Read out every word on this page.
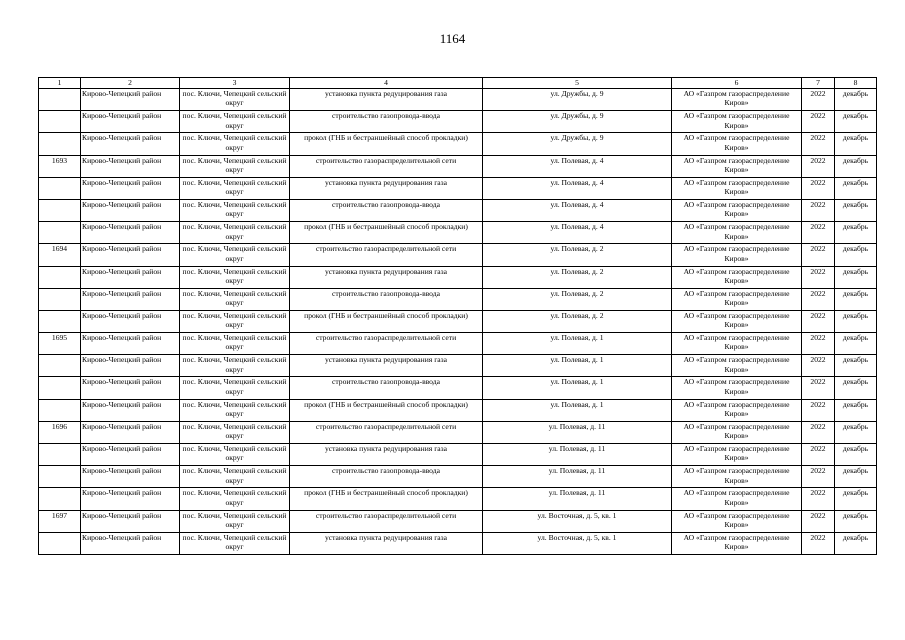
1164
1	2	3	4	5	6	7	8
	Кирово-Чепецкий район	пос. Ключи, Чепецкий сельский округ	установка пункта редуцирования газа	ул. Дружбы, д. 9	АО «Газпром газораспределение Киров»	2022	декабрь
	Кирово-Чепецкий район	пос. Ключи, Чепецкий сельский округ	строительство газопровода-ввода	ул. Дружбы, д. 9	АО «Газпром газораспределение Киров»	2022	декабрь
	Кирово-Чепецкий район	пос. Ключи, Чепецкий сельский округ	прокол (ГНБ и бестраншейный способ прокладки)	ул. Дружбы, д. 9	АО «Газпром газораспределение Киров»	2022	декабрь
1693	Кирово-Чепецкий район	пос. Ключи, Чепецкий сельский округ	строительство газораспределительной сети	ул. Полевая, д. 4	АО «Газпром газораспределение Киров»	2022	декабрь
	Кирово-Чепецкий район	пос. Ключи, Чепецкий сельский округ	установка пункта редуцирования газа	ул. Полевая, д. 4	АО «Газпром газораспределение Киров»	2022	декабрь
	Кирово-Чепецкий район	пос. Ключи, Чепецкий сельский округ	строительство газопровода-ввода	ул. Полевая, д. 4	АО «Газпром газораспределение Киров»	2022	декабрь
	Кирово-Чепецкий район	пос. Ключи, Чепецкий сельский округ	прокол (ГНБ и бестраншейный способ прокладки)	ул. Полевая, д. 4	АО «Газпром газораспределение Киров»	2022	декабрь
1694	Кирово-Чепецкий район	пос. Ключи, Чепецкий сельский округ	строительство газораспределительной сети	ул. Полевая, д. 2	АО «Газпром газораспределение Киров»	2022	декабрь
	Кирово-Чепецкий район	пос. Ключи, Чепецкий сельский округ	установка пункта редуцирования газа	ул. Полевая, д. 2	АО «Газпром газораспределение Киров»	2022	декабрь
	Кирово-Чепецкий район	пос. Ключи, Чепецкий сельский округ	строительство газопровода-ввода	ул. Полевая, д. 2	АО «Газпром газораспределение Киров»	2022	декабрь
	Кирово-Чепецкий район	пос. Ключи, Чепецкий сельский округ	прокол (ГНБ и бестраншейный способ прокладки)	ул. Полевая, д. 2	АО «Газпром газораспределение Киров»	2022	декабрь
1695	Кирово-Чепецкий район	пос. Ключи, Чепецкий сельский округ	строительство газораспределительной сети	ул. Полевая, д. 1	АО «Газпром газораспределение Киров»	2022	декабрь
	Кирово-Чепецкий район	пос. Ключи, Чепецкий сельский округ	установка пункта редуцирования газа	ул. Полевая, д. 1	АО «Газпром газораспределение Киров»	2022	декабрь
	Кирово-Чепецкий район	пос. Ключи, Чепецкий сельский округ	строительство газопровода-ввода	ул. Полевая, д. 1	АО «Газпром газораспределение Киров»	2022	декабрь
	Кирово-Чепецкий район	пос. Ключи, Чепецкий сельский округ	прокол (ГНБ и бестраншейный способ прокладки)	ул. Полевая, д. 1	АО «Газпром газораспределение Киров»	2022	декабрь
1696	Кирово-Чепецкий район	пос. Ключи, Чепецкий сельский округ	строительство газораспределительной сети	ул. Полевая, д. 11	АО «Газпром газораспределение Киров»	2022	декабрь
	Кирово-Чепецкий район	пос. Ключи, Чепецкий сельский округ	установка пункта редуцирования газа	ул. Полевая, д. 11	АО «Газпром газораспределение Киров»	2022	декабрь
	Кирово-Чепецкий район	пос. Ключи, Чепецкий сельский округ	строительство газопровода-ввода	ул. Полевая, д. 11	АО «Газпром газораспределение Киров»	2022	декабрь
	Кирово-Чепецкий район	пос. Ключи, Чепецкий сельский округ	прокол (ГНБ и бестраншейный способ прокладки)	ул. Полевая, д. 11	АО «Газпром газораспределение Киров»	2022	декабрь
1697	Кирово-Чепецкий район	пос. Ключи, Чепецкий сельский округ	строительство газораспределительной сети	ул. Восточная, д. 5, кв. 1	АО «Газпром газораспределение Киров»	2022	декабрь
	Кирово-Чепецкий район	пос. Ключи, Чепецкий сельский округ	установка пункта редуцирования газа	ул. Восточная, д. 5, кв. 1	АО «Газпром газораспределение Киров»	2022	декабрь
